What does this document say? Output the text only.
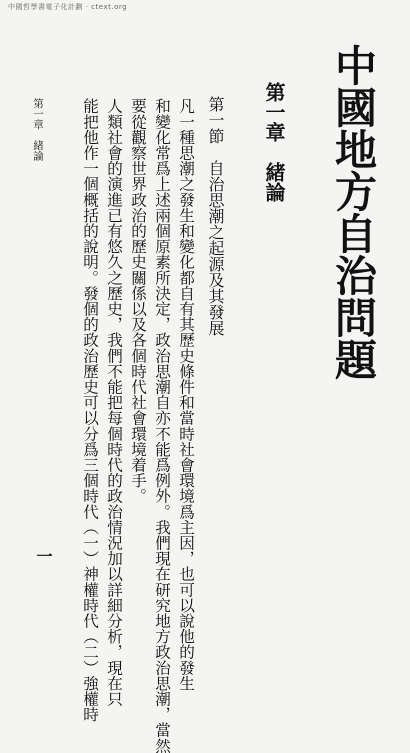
中國哲學書電子化計劃 · ctext.org
中國地方自治問題
第一章　緒論
第一節　自治思潮之起源及其發展
凡一種思潮之發生和變化都自有其歷史條件和當時社會環境爲主因，也可以說他的發生
和變化常爲上述兩個原素所決定，政治思潮自亦不能爲例外。我們現在研究地方政治思潮，當然
要從觀察世界政治的歷史關係以及各個時代社會環境着手。
人類社會的演進已有悠久之歷史，我們不能把每個時代的政治情況加以詳細分析，現在只
能把他作一個概括的說明。發個的政治歷史可以分爲三個時代（一）神權時代（二）強權時
第一章　緒論
一
